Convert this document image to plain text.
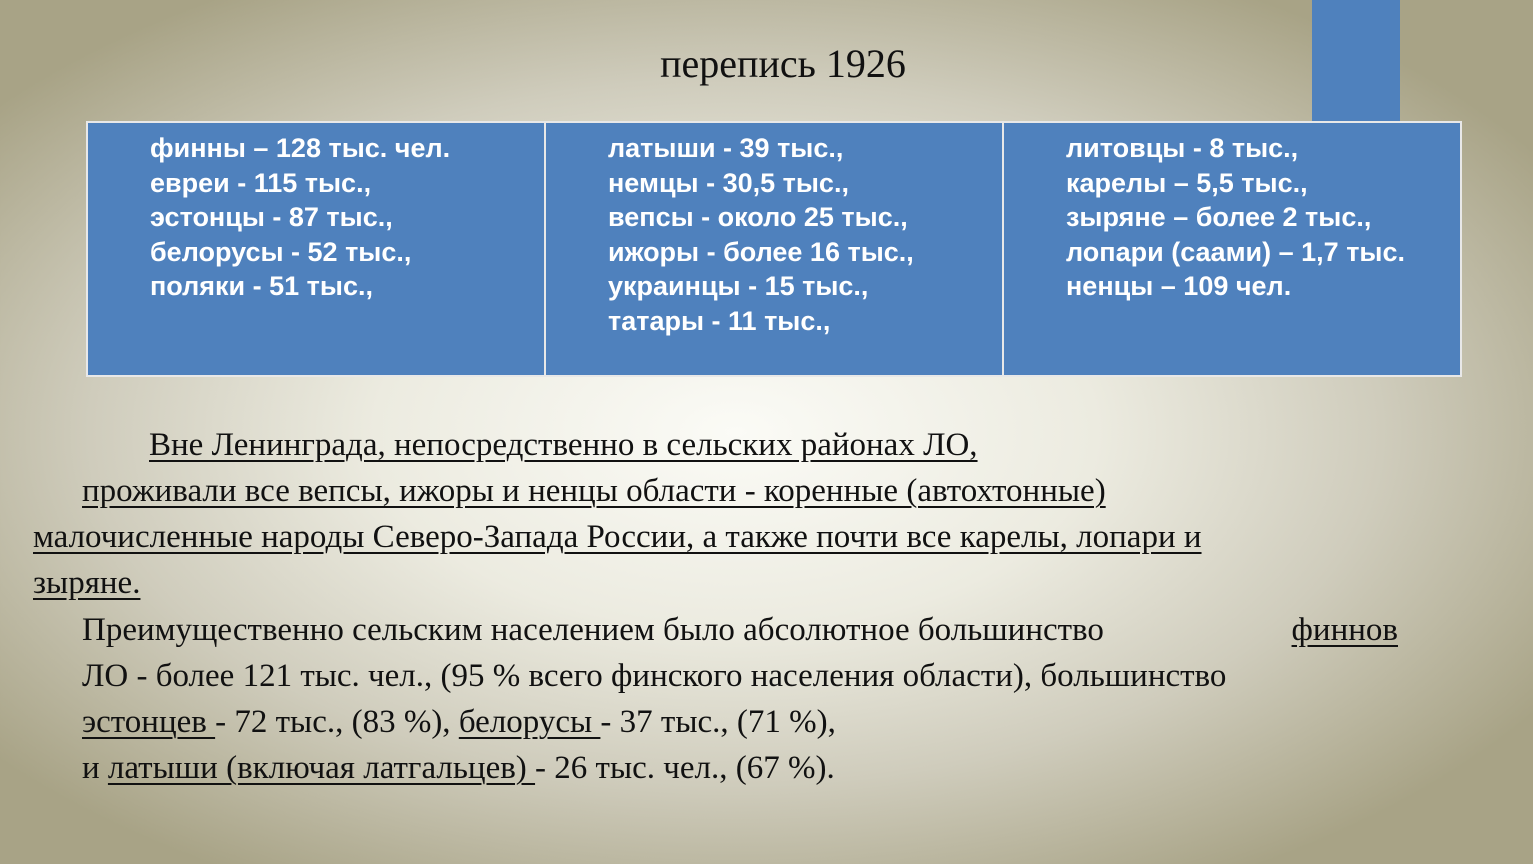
перепись 1926
финны – 128 тыс. чел.
евреи - 115 тыс.,
эстонцы - 87 тыс.,
белорусы - 52 тыс.,
поляки - 51 тыс.,
латыши - 39 тыс.,
немцы - 30,5 тыс.,
вепсы - около 25 тыс.,
ижоры - более 16 тыс.,
украинцы - 15 тыс.,
татары - 11 тыс.,
литовцы - 8 тыс.,
карелы – 5,5 тыс.,
зыряне – более 2 тыс.,
лопари (саами) – 1,7 тыс.
ненцы – 109 чел.
Вне Ленинграда, непосредственно в сельских районах ЛО,
проживали все вепсы, ижоры и ненцы области - коренные (автохтонные)
малочисленные народы Северо-Запада России, а также почти все карелы, лопари и
зыряне.
Преимущественно сельским населением было абсолютное большинство	финнов
ЛО - более 121 тыс. чел., (95 % всего финского населения области), большинство
эстонцев - 72 тыс., (83 %), белорусы - 37 тыс., (71 %),
и латыши (включая латгальцев) - 26 тыс. чел., (67 %).
